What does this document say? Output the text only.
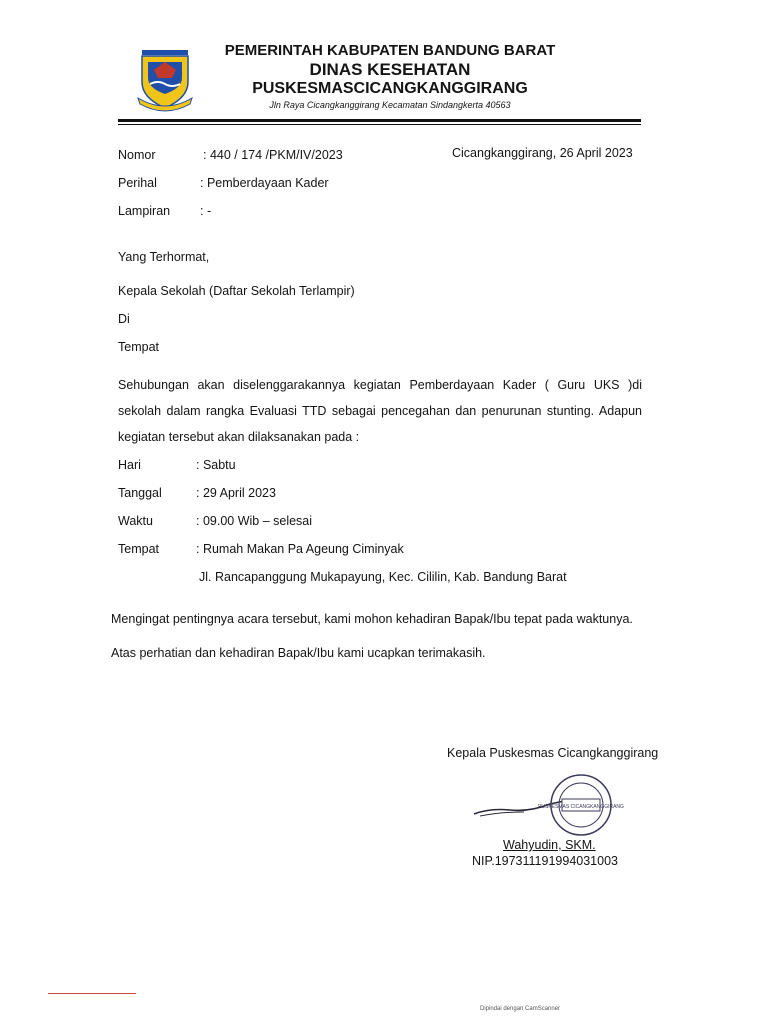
PEMERINTAH KABUPATEN BANDUNG BARAT
DINAS KESEHATAN
PUSKESMASCICANGKANGGIRANG
Jln Raya Cicangkanggirang Kecamatan Sindangkerta 40563
Nomor	: 440 / 174 /PKM/IV/2023	Cicangkanggirang, 26 April 2023
Perihal	: Pemberdayaan Kader
Lampiran : -
Yang Terhormat,
Kepala Sekolah (Daftar Sekolah Terlampir)
Di
Tempat
Sehubungan akan diselenggarakannya kegiatan Pemberdayaan Kader ( Guru UKS )di sekolah dalam rangka Evaluasi TTD sebagai pencegahan dan penurunan stunting. Adapun kegiatan tersebut akan dilaksanakan pada :
Hari	: Sabtu
Tanggal	: 29 April 2023
Waktu	: 09.00 Wib – selesai
Tempat	: Rumah Makan Pa Ageung Ciminyak
Jl. Rancapanggung Mukapayung, Kec. Cililin, Kab. Bandung Barat
Mengingat pentingnya acara tersebut, kami mohon kehadiran Bapak/Ibu tepat pada waktunya.
Atas perhatian dan kehadiran Bapak/Ibu kami ucapkan terimakasih.
Kepala Puskesmas Cicangkanggirang
PUSKESMAS CICANGKANGGIRANG
Wahyudin, SKM.
NIP.197311191994031003
Dipindai dengan CamScanner
